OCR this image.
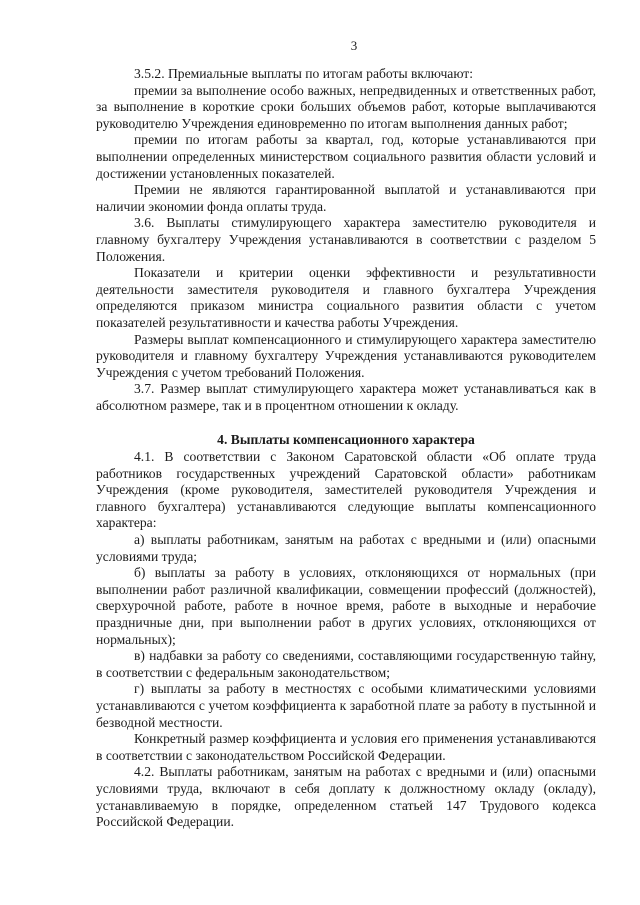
3

3.5.2. Премиальные выплаты по итогам работы включают:

премии за выполнение особо важных, непредвиденных и ответственных работ, за выполнение в короткие сроки больших объемов работ, которые выплачиваются руководителю Учреждения единовременно по итогам выполнения данных работ;

премии по итогам работы за квартал, год, которые устанавливаются при выполнении определенных министерством социального развития области условий и достижении установленных показателей.

Премии не являются гарантированной выплатой и устанавливаются при наличии экономии фонда оплаты труда.

3.6. Выплаты стимулирующего характера заместителю руководителя и главному бухгалтеру Учреждения устанавливаются в соответствии с разделом 5 Положения.

Показатели и критерии оценки эффективности и результативности деятельности заместителя руководителя и главного бухгалтера Учреждения определяются приказом министра социального развития области с учетом показателей результативности и качества работы Учреждения.

Размеры выплат компенсационного и стимулирующего характера заместителю руководителя и главному бухгалтеру Учреждения устанавливаются руководителем Учреждения с учетом требований Положения.

3.7. Размер выплат стимулирующего характера может устанавливаться как в абсолютном размере, так и в процентном отношении к окладу.

4. Выплаты компенсационного характера

4.1. В соответствии с Законом Саратовской области «Об оплате труда работников государственных учреждений Саратовской области» работникам Учреждения (кроме руководителя, заместителей руководителя Учреждения и главного бухгалтера) устанавливаются следующие выплаты компенсационного характера:

а) выплаты работникам, занятым на работах с вредными и (или) опасными условиями труда;

б) выплаты за работу в условиях, отклоняющихся от нормальных (при выполнении работ различной квалификации, совмещении профессий (должностей), сверхурочной работе, работе в ночное время, работе в выходные и нерабочие праздничные дни, при выполнении работ в других условиях, отклоняющихся от нормальных);

в) надбавки за работу со сведениями, составляющими государственную тайну, в соответствии с федеральным законодательством;

г) выплаты за работу в местностях с особыми климатическими условиями устанавливаются с учетом коэффициента к заработной плате за работу в пустынной и безводной местности.

Конкретный размер коэффициента и условия его применения устанавливаются в соответствии с законодательством Российской Федерации.

4.2. Выплаты работникам, занятым на работах с вредными и (или) опасными условиями труда, включают в себя доплату к должностному окладу (окладу), устанавливаемую в порядке, определенном статьей 147 Трудового кодекса Российской Федерации.
